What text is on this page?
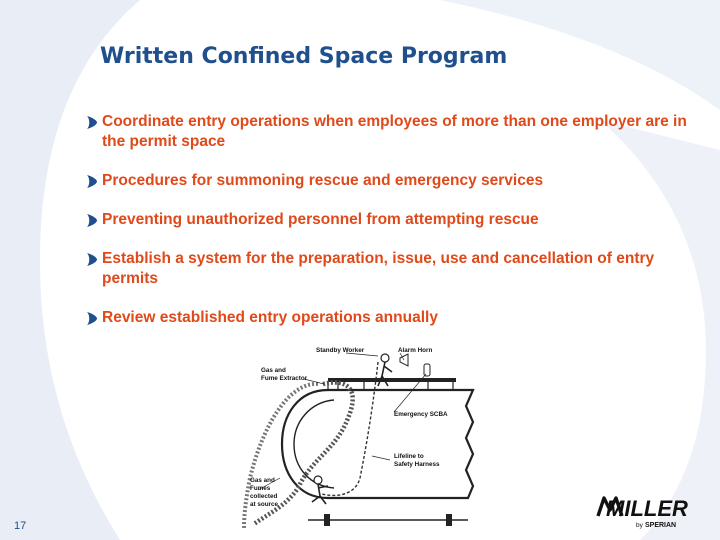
Written Confined Space Program
Coordinate entry operations when employees of more than one employer are in the permit space
Procedures for summoning rescue and emergency services
Preventing unauthorized personnel from attempting rescue
Establish a system for the preparation, issue, use and cancellation of entry permits
Review established entry operations annually
Standby Worker	Alarm Horn
Gas and
Fume Extractor
Emergency SCBA
Lifeline to
Safety Harness
Gas and
Fumes
collected
at source
17
MILLER
by SPERIAN
